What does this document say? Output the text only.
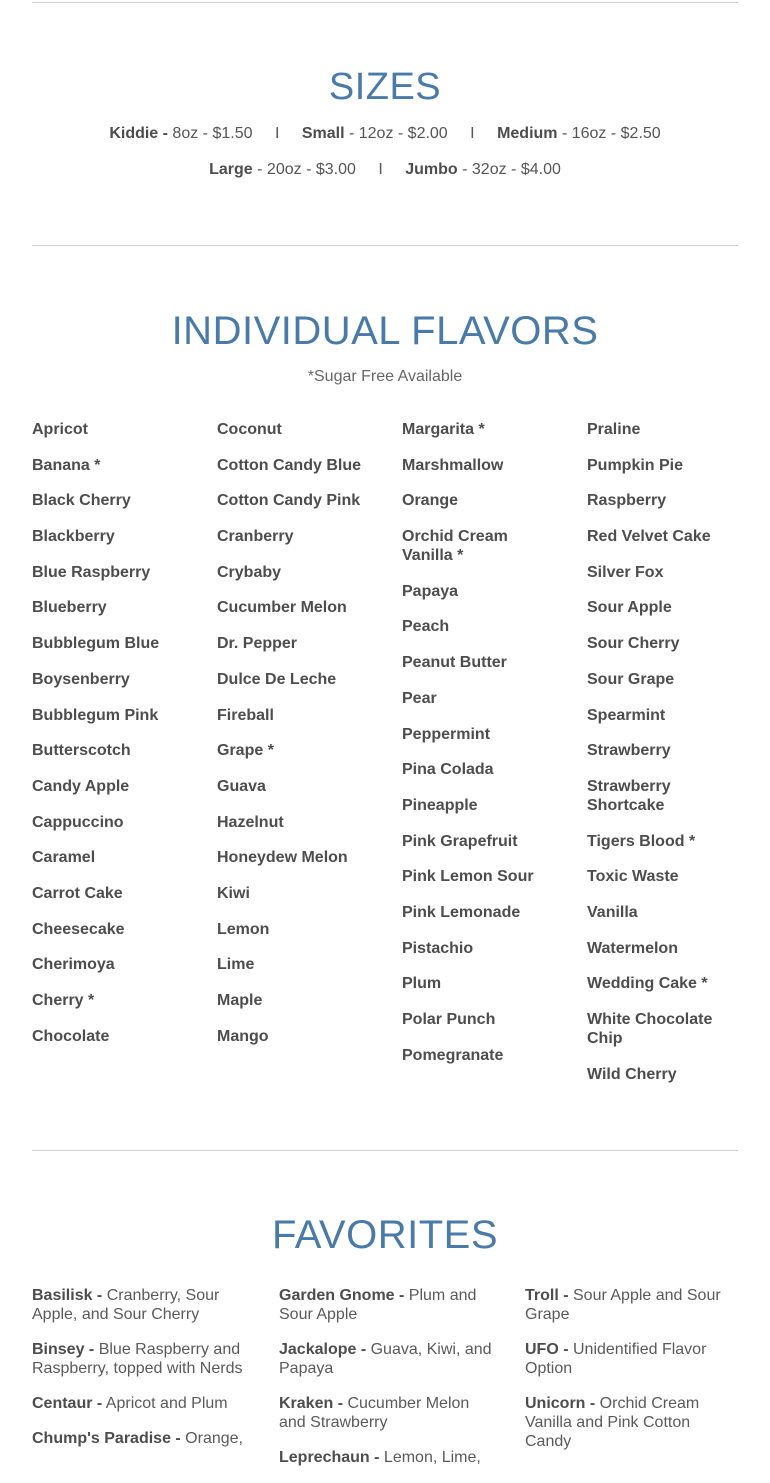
SIZES
Kiddie - 8oz - $1.50 I Small - 12oz - $2.00 I Medium - 16oz - $2.50
Large - 20oz - $3.00 I Jumbo - 32oz - $4.00
INDIVIDUAL FLAVORS
*Sugar Free Available
Apricot
Banana *
Black Cherry
Blackberry
Blue Raspberry
Blueberry
Bubblegum Blue
Boysenberry
Bubblegum Pink
Butterscotch
Candy Apple
Cappuccino
Caramel
Carrot Cake
Cheesecake
Cherimoya
Cherry *
Chocolate
Coconut
Cotton Candy Blue
Cotton Candy Pink
Cranberry
Crybaby
Cucumber Melon
Dr. Pepper
Dulce De Leche
Fireball
Grape *
Guava
Hazelnut
Honeydew Melon
Kiwi
Lemon
Lime
Maple
Mango
Margarita *
Marshmallow
Orange
Orchid Cream Vanilla *
Papaya
Peach
Peanut Butter
Pear
Peppermint
Pina Colada
Pineapple
Pink Grapefruit
Pink Lemon Sour
Pink Lemonade
Pistachio
Plum
Polar Punch
Pomegranate
Praline
Pumpkin Pie
Raspberry
Red Velvet Cake
Silver Fox
Sour Apple
Sour Cherry
Sour Grape
Spearmint
Strawberry
Strawberry Shortcake
Tigers Blood *
Toxic Waste
Vanilla
Watermelon
Wedding Cake *
White Chocolate Chip
Wild Cherry
FAVORITES
Basilisk - Cranberry, Sour Apple, and Sour Cherry
Binsey - Blue Raspberry and Raspberry, topped with Nerds
Centaur - Apricot and Plum
Chump's Paradise - Orange,
Garden Gnome - Plum and Sour Apple
Jackalope - Guava, Kiwi, and Papaya
Kraken - Cucumber Melon and Strawberry
Leprechaun - Lemon, Lime,
Troll - Sour Apple and Sour Grape
UFO - Unidentified Flavor Option
Unicorn - Orchid Cream Vanilla and Pink Cotton Candy
